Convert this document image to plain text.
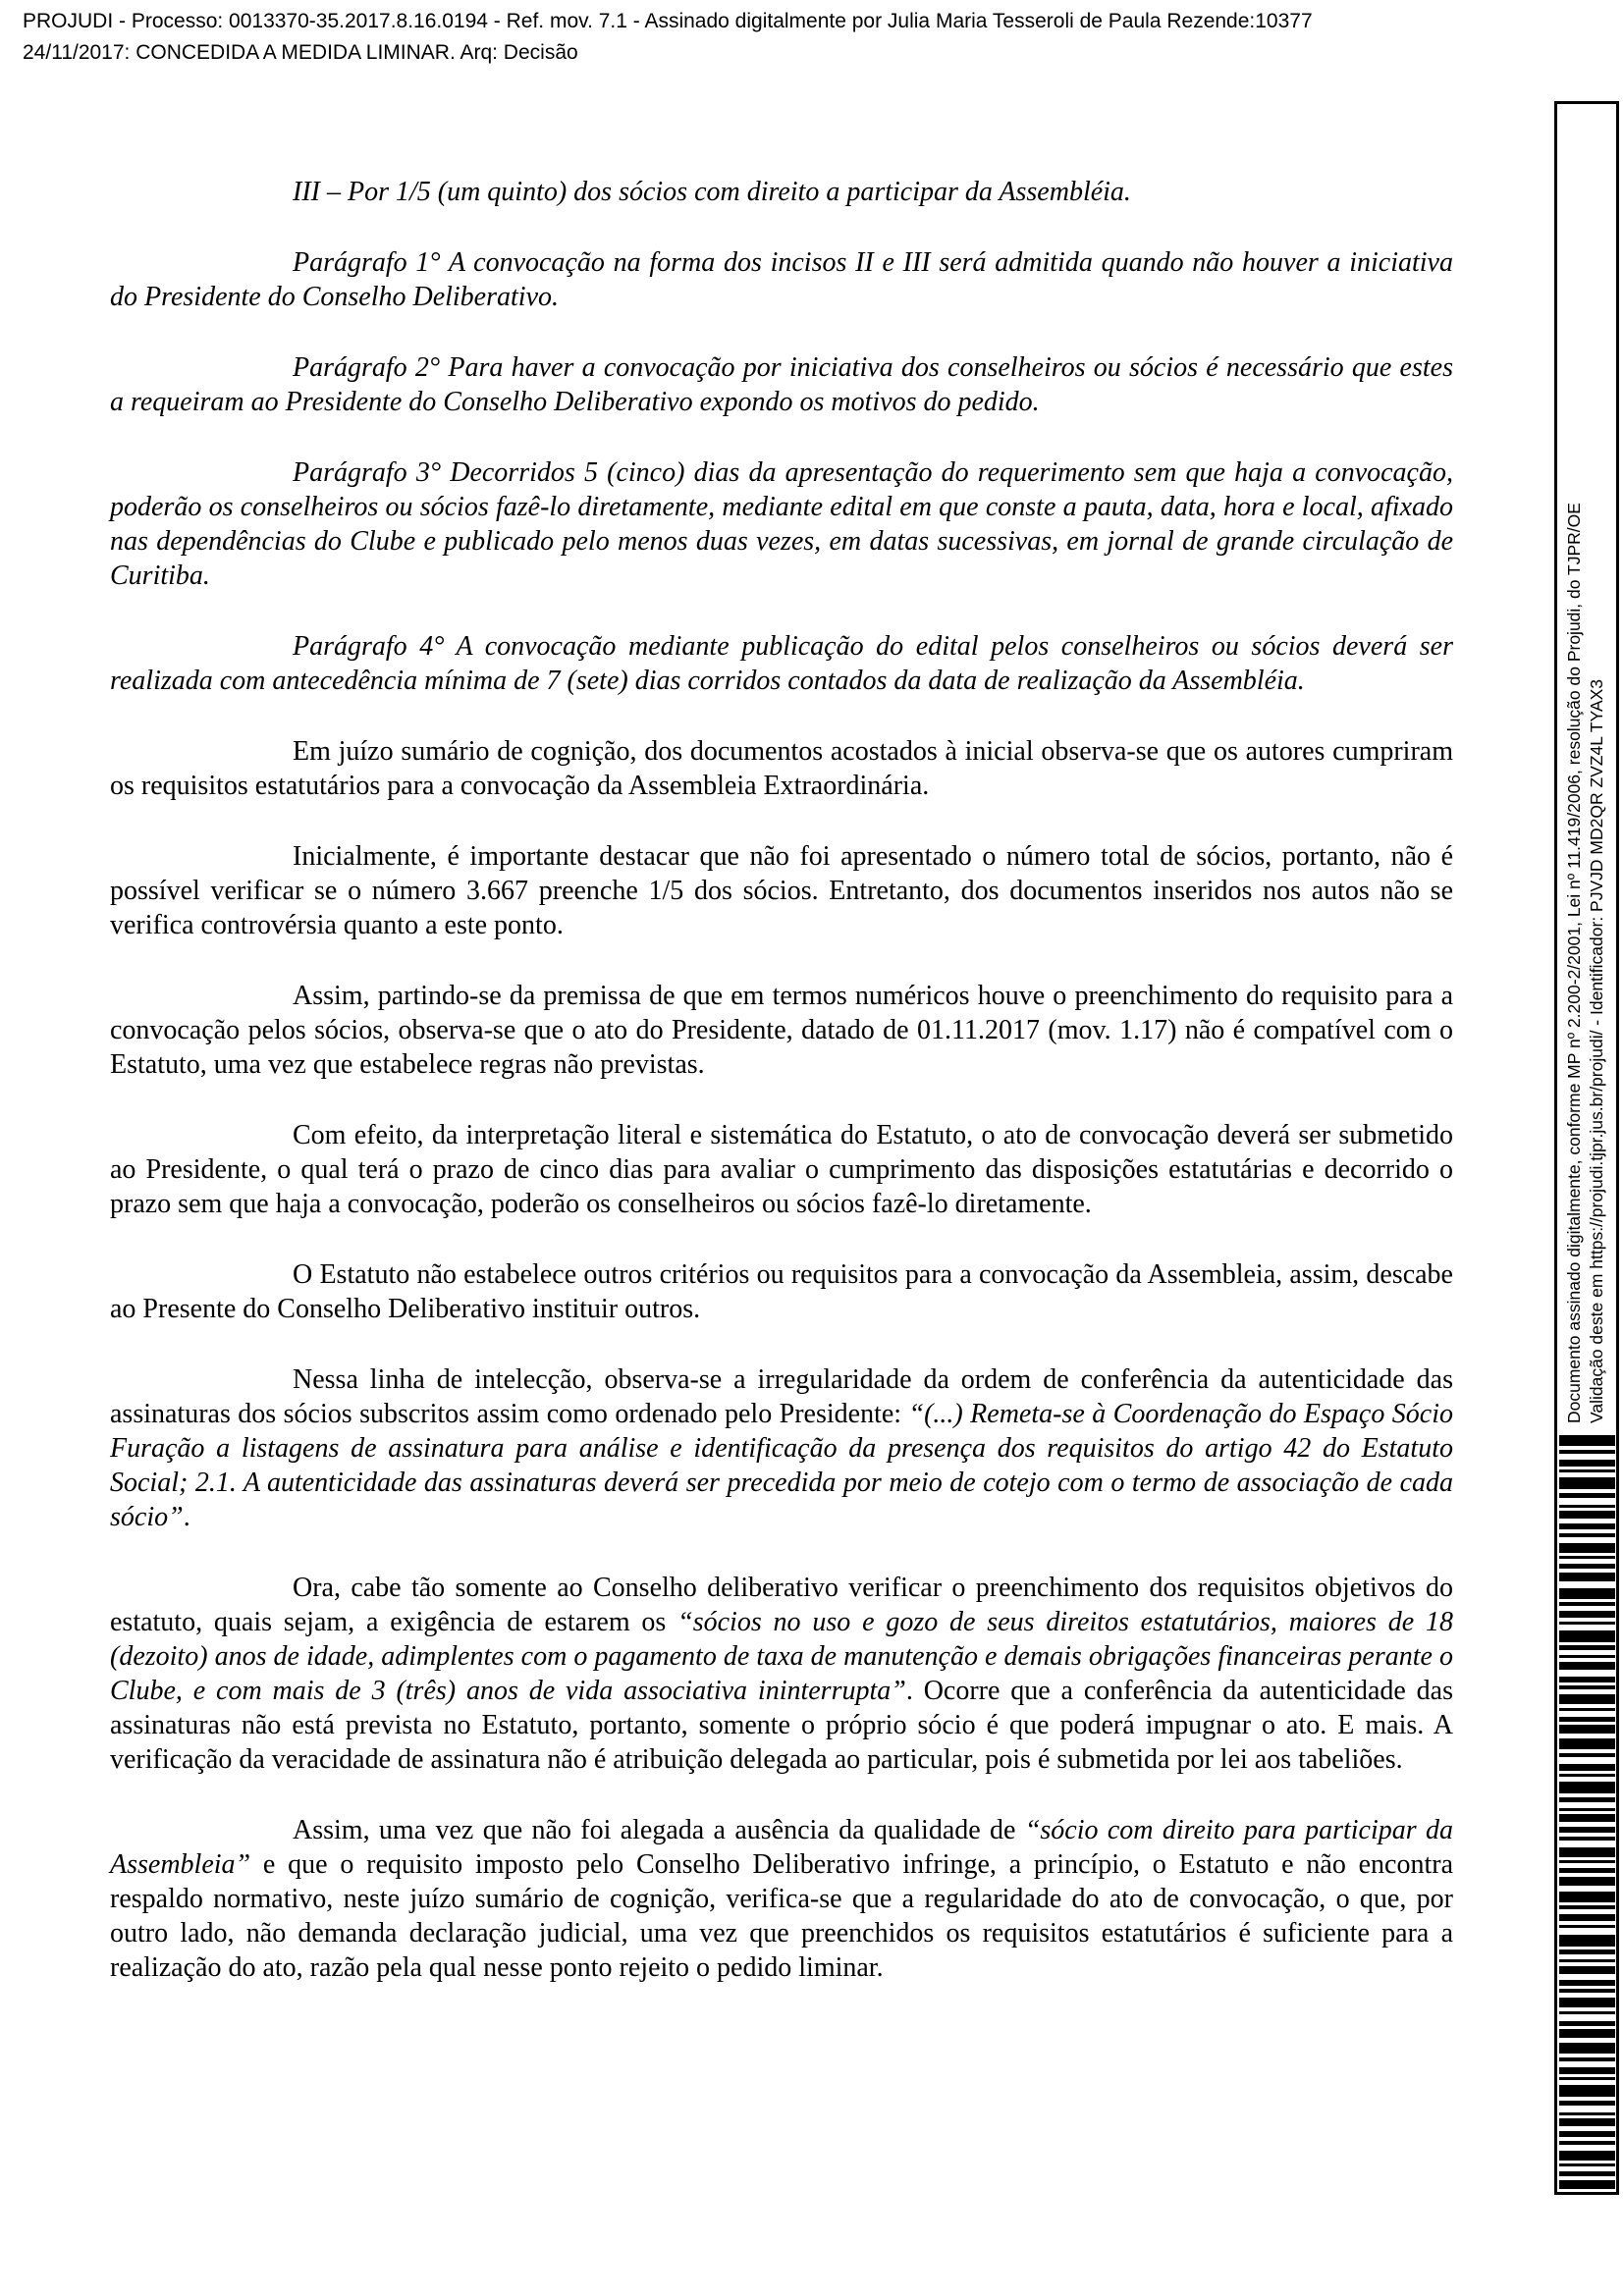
PROJUDI - Processo: 0013370-35.2017.8.16.0194 - Ref. mov. 7.1 - Assinado digitalmente por Julia Maria Tesseroli de Paula Rezende:10377
24/11/2017: CONCEDIDA A MEDIDA LIMINAR. Arq: Decisão

III – Por 1/5 (um quinto) dos sócios com direito a participar da Assembléia.

Parágrafo 1° A convocação na forma dos incisos II e III será admitida quando não houver a iniciativa do Presidente do Conselho Deliberativo.

Parágrafo 2° Para haver a convocação por iniciativa dos conselheiros ou sócios é necessário que estes a requeiram ao Presidente do Conselho Deliberativo expondo os motivos do pedido.

Parágrafo 3° Decorridos 5 (cinco) dias da apresentação do requerimento sem que haja a convocação, poderão os conselheiros ou sócios fazê-lo diretamente, mediante edital em que conste a pauta, data, hora e local, afixado nas dependências do Clube e publicado pelo menos duas vezes, em datas sucessivas, em jornal de grande circulação de Curitiba.

Parágrafo 4° A convocação mediante publicação do edital pelos conselheiros ou sócios deverá ser realizada com antecedência mínima de 7 (sete) dias corridos contados da data de realização da Assembléia.

Em juízo sumário de cognição, dos documentos acostados à inicial observa-se que os autores cumpriram os requisitos estatutários para a convocação da Assembleia Extraordinária.

Inicialmente, é importante destacar que não foi apresentado o número total de sócios, portanto, não é possível verificar se o número 3.667 preenche 1/5 dos sócios. Entretanto, dos documentos inseridos nos autos não se verifica controvérsia quanto a este ponto.

Assim, partindo-se da premissa de que em termos numéricos houve o preenchimento do requisito para a convocação pelos sócios, observa-se que o ato do Presidente, datado de 01.11.2017 (mov. 1.17) não é compatível com o Estatuto, uma vez que estabelece regras não previstas.

Com efeito, da interpretação literal e sistemática do Estatuto, o ato de convocação deverá ser submetido ao Presidente, o qual terá o prazo de cinco dias para avaliar o cumprimento das disposições estatutárias e decorrido o prazo sem que haja a convocação, poderão os conselheiros ou sócios fazê-lo diretamente.

O Estatuto não estabelece outros critérios ou requisitos para a convocação da Assembleia, assim, descabe ao Presente do Conselho Deliberativo instituir outros.

Nessa linha de intelecção, observa-se a irregularidade da ordem de conferência da autenticidade das assinaturas dos sócios subscritos assim como ordenado pelo Presidente: “(...) Remeta-se à Coordenação do Espaço Sócio Furação a listagens de assinatura para análise e identificação da presença dos requisitos do artigo 42 do Estatuto Social; 2.1. A autenticidade das assinaturas deverá ser precedida por meio de cotejo com o termo de associação de cada sócio”.

Ora, cabe tão somente ao Conselho deliberativo verificar o preenchimento dos requisitos objetivos do estatuto, quais sejam, a exigência de estarem os “sócios no uso e gozo de seus direitos estatutários, maiores de 18 (dezoito) anos de idade, adimplentes com o pagamento de taxa de manutenção e demais obrigações financeiras perante o Clube, e com mais de 3 (três) anos de vida associativa ininterrupta”. Ocorre que a conferência da autenticidade das assinaturas não está prevista no Estatuto, portanto, somente o próprio sócio é que poderá impugnar o ato. E mais. A verificação da veracidade de assinatura não é atribuição delegada ao particular, pois é submetida por lei aos tabeliões.

Assim, uma vez que não foi alegada a ausência da qualidade de “sócio com direito para participar da Assembleia” e que o requisito imposto pelo Conselho Deliberativo infringe, a princípio, o Estatuto e não encontra respaldo normativo, neste juízo sumário de cognição, verifica-se que a regularidade do ato de convocação, o que, por outro lado, não demanda declaração judicial, uma vez que preenchidos os requisitos estatutários é suficiente para a realização do ato, razão pela qual nesse ponto rejeito o pedido liminar.

Documento assinado digitalmente, conforme MP nº 2.200-2/2001, Lei nº 11.419/2006, resolução do Projudi, do TJPR/OE Validação deste em https://projudi.tjpr.jus.br/projudi/ - Identificador: PJVJD MD2QR ZVZ4L TYAX3
